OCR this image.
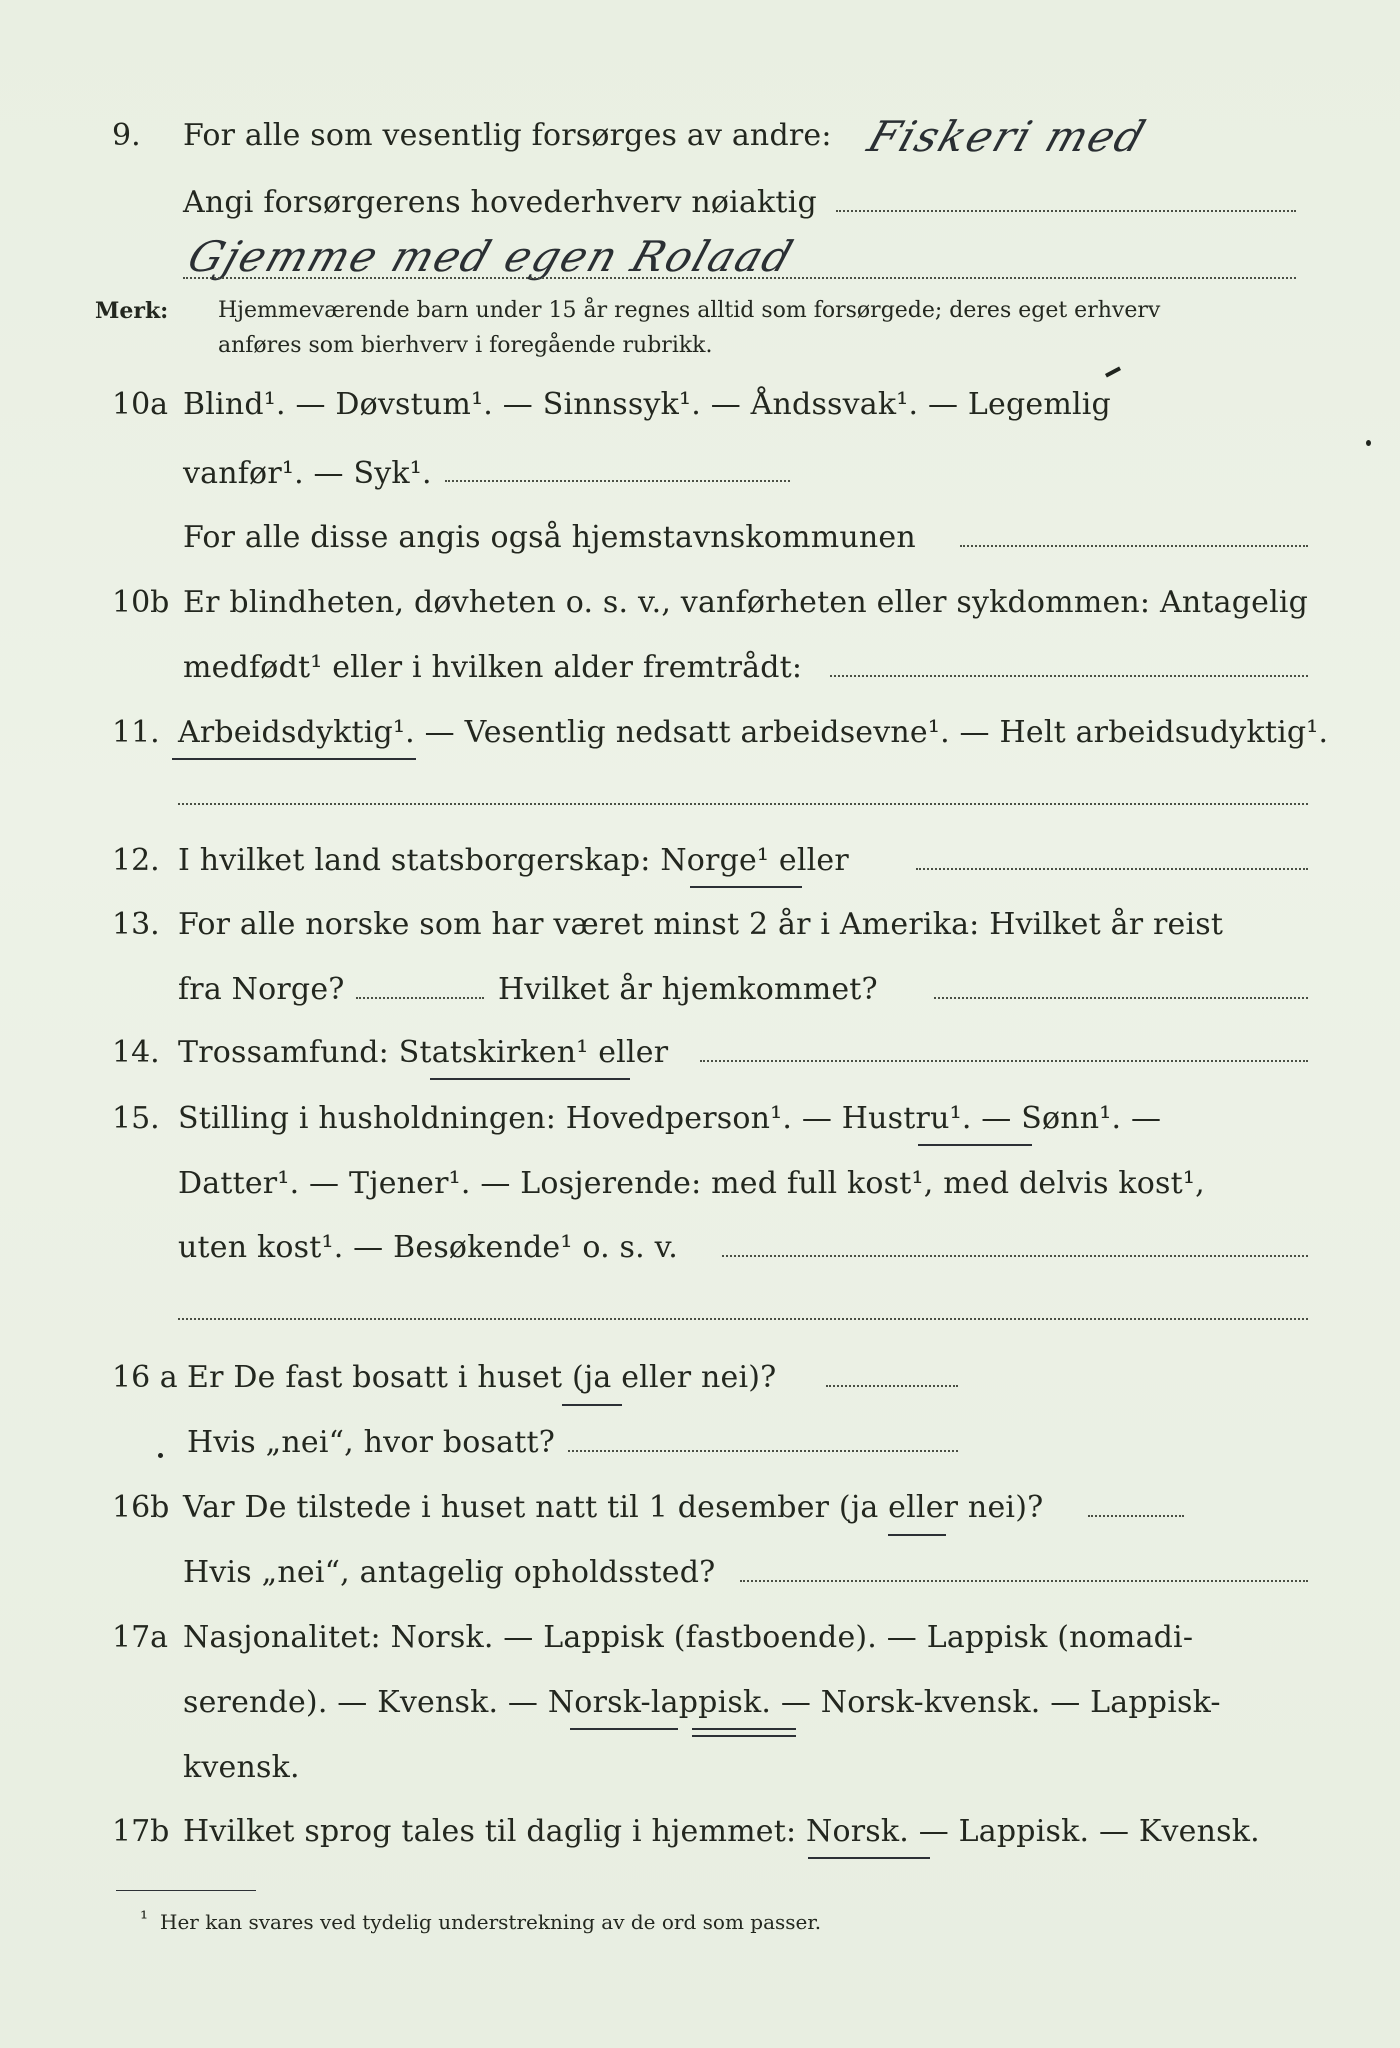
9. For alle som vesentlig forsørges av andre: Fiskeri med
Angi forsørgerens hovederhverv nøiaktig
Gjemme med egen Rolaad
Merk: Hjemmeværende barn under 15 år regnes alltid som forsørgede; deres eget erhverv
anføres som bierhverv i foregående rubrikk.
10a Blind¹. — Døvstum¹. — Sinnssyk¹. — Åndssvak¹. — Legemlig
vanfør¹. — Syk¹.
For alle disse angis også hjemstavnskommunen
10b Er blindheten, døvheten o. s. v., vanførheten eller sykdommen: Antagelig
medfødt¹ eller i hvilken alder fremtrådt:
11. Arbeidsdyktig¹. — Vesentlig nedsatt arbeidsevne¹. — Helt arbeidsudyktig¹.
12. I hvilket land statsborgerskap: Norge¹ eller
13. For alle norske som har været minst 2 år i Amerika: Hvilket år reist
fra Norge?	Hvilket år hjemkommet?
14. Trossamfund: Statskirken¹ eller
15. Stilling i husholdningen: Hovedperson¹. — Hustru¹. — Sønn¹. —
Datter¹. — Tjener¹. — Losjerende: med full kost¹, med delvis kost¹,
uten kost¹. — Besøkende¹ o. s. v.
16 a Er De fast bosatt i huset (ja eller nei)?
Hvis „nei“, hvor bosatt?
16b Var De tilstede i huset natt til 1 desember (ja eller nei)?
Hvis „nei“, antagelig opholdssted?
17a Nasjonalitet: Norsk. — Lappisk (fastboende). — Lappisk (nomadi-
serende). — Kvensk. — Norsk-lappisk. — Norsk-kvensk. — Lappisk-
kvensk.
17b Hvilket sprog tales til daglig i hjemmet: Norsk. — Lappisk. — Kvensk.
¹ Her kan svares ved tydelig understrekning av de ord som passer.
